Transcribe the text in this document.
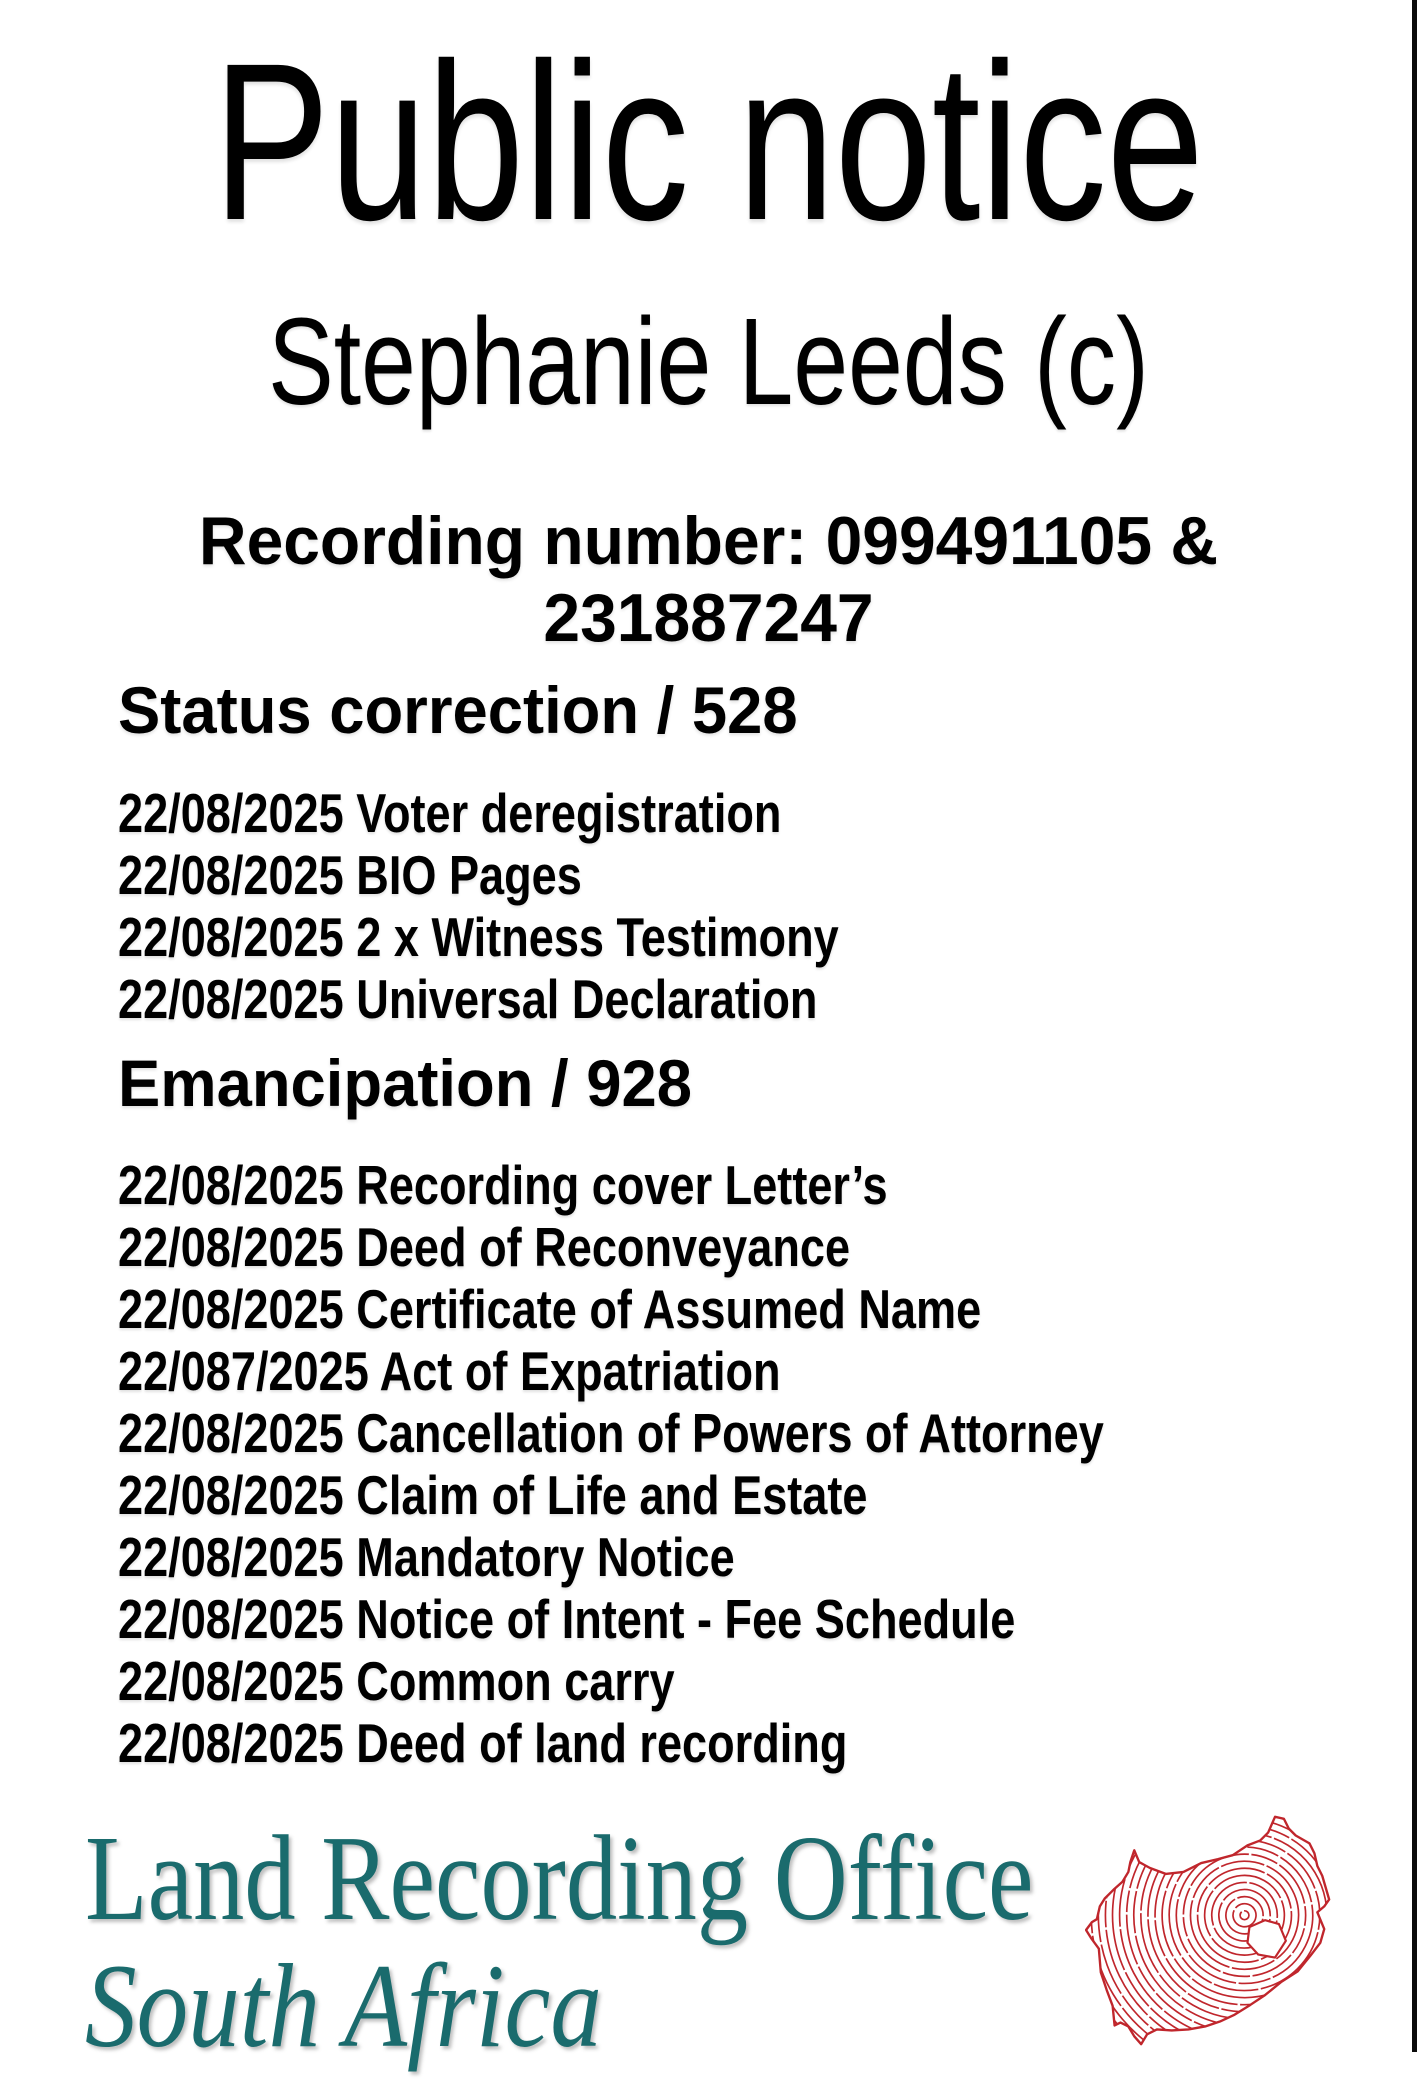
Public notice
Stephanie Leeds (c)
Recording number: 099491105 &
231887247
Status correction / 528
22/08/2025 Voter deregistration
22/08/2025 BIO Pages
22/08/2025 2 x Witness Testimony
22/08/2025 Universal Declaration
Emancipation / 928
22/08/2025 Recording cover Letter’s
22/08/2025 Deed of Reconveyance
22/08/2025 Certificate of Assumed Name
22/087/2025 Act of Expatriation
22/08/2025 Cancellation of Powers of Attorney
22/08/2025 Claim of Life and Estate
22/08/2025 Mandatory Notice
22/08/2025 Notice of Intent - Fee Schedule
22/08/2025 Common carry
22/08/2025 Deed of land recording
Land Recording Office
South Africa
